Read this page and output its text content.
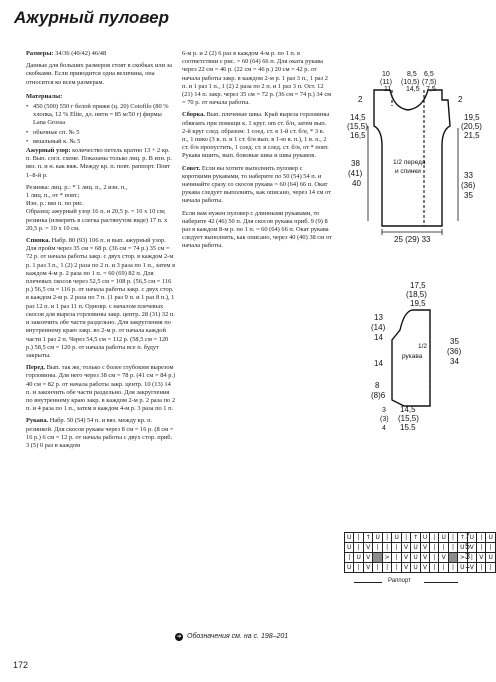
Ажурный пуловер

Размеры: 34/36 (40/42) 46/48

Данные для больших размеров стоят в скобках или за скобками. Если приводится одна величина, она относится ко всем размерам.

Материалы:
• 450 (500) 550 г белой пряжи (ц. 20) Cotofilo (80 % хлопка, 12 % Elite, дл. нити = 85 м/50 г) фирмы Lana Grossa
• обычные сп. № 5
• вязальный к. № 5

Ажурный узор: количество петель кратно 13 + 2 кр. п. Вып. согл. схеме. Показаны только лиц. р. В изн. р. вяз. п. и н. как вяж. Между кр. п. повт. раппорт. Повт 1–8-й р.

Резинка: лиц. р.: * 1 лиц. п., 2 изн. п.,
1 лиц. п., от * повт.;
Изн. р.: вяз п. по рис.

Образец: ажурный узор 16 п. и 20,5 р. = 10 х 10 см; резинка (измерять в слегка растянутом виде) 17 п. х 20,5 р. = 10 х 10 см.

Спинка. Набр. 80 (93) 106 п. и вып. ажурный узор. Для пройм через 35 см = 68 р. (36 см = 74 р.) 35 см = 72 р. от начала работы закр. с двух стор. в каждом 2-м р. 1 раз 3 п., 1 (2) 2 раза по 2 п. и 3 раза по 1 п., затем в каждом 4-м р. 2 раза по 1 п. = 60 (69) 82 п. Для плечевых скосов через 52,5 см = 108 р. (56,5 см = 116 р.) 56,5 см = 116 р. от начала работы закр. с двух стор. в каждом 2-м р. 2 раза по 7 п. (1 раз 9 п. и 1 раз 8 п.), 1 раз 12 п. и 1 раз 11 п. Одновр. с началом плечевых скосов для выреза горловины закр. центр. 28 (31) 32 п. и закончить обе части раздельно. Для закругления по внутреннему краю закр. во 2-м р. от начала каждой части 1 раз 2 п. Через 54,5 см = 112 р. (58,5 см = 120 р.) 58,5 см = 120 р. от начала работы все п. будут закрыты.

Перед. Вып. так же, только с более глубоким вырезом горловины. Для него через 38 см = 78 р. (41 см = 84 р.) 40 см = 82 р. от начала работы закр. центр. 10 (13) 14 п. и закончить обе части раздельно. Для закругления по внутреннему краю закр. в каждом 2-м р. 2 раза по 2 п. и 4 раза по 1 п., затем в каждом 4-м р. 3 раза по 1 п.

Рукава. Набр. 50 (54) 54 п. и вяз. между кр. п. резинкой. Для скосов рукава через 8 см = 16 р. (8 см = 16 р.) 6 см = 12 р. от начала работы с двух стор. приб. 3 (5) 0 раз в каждом

6-м р. и 2 (2) 6 раз в каждом 4-м р. по 1 п. в соответствии с рис. = 60 (64) 66 п. Для оката рукава через 22 см = 46 р. (22 см = 46 р.) 20 см = 42 р. от начала работы закр. в каждом 2-м р. 1 раз 3 п., 1 раз 2 п. и 1 раз 1 п., 1 (2) 2 раза по 2 п. и 1 раз 3 п. Ост. 12 (21) 14 п. закр. через 35 см = 72 р. (36 см = 74 р.) 34 см = 70 р. от начала работы.

Сборка. Вып. плечевые швы. Край выреза горловины обвязать при помощи к. 1 круг. om ст. б/н, затем вып. 2-й круг след. образом: 1 соед. ст. в 1-й ст. б/н, * 3 в. п., 1 пико (3 в. п. и 1 ст. б/н вып. в 1-ю в. п.), 1 в. п., 2 ст. б/н пропустить, 1 соед. ст. в след. ст. б/н, от * повт. Рукава вшить, вып. боковые швы и швы рукавов.

Совет. Если вы хотите выполнить пуловер с короткими рукавами, то наберите по 50 (54) 54 п. и начинайте сразу со скосов рукава = 60 (64) 66 п. Окат рукава следует выполнять, как описано, через 14 см от начала работы.

Если вам нужен пуловер с длинными рукавами, то наберите 42 (46) 50 п. Для скосов рукава приб. 9 (9) 8 раз в каждом 8-м р. по 1 п. = 60 (64) 66 п. Окат рукава следует выполнять, как описано, через 40 (40) 38 см от начала работы.

10 8,5 6,5
(11) (10,5) (7,5)
11 14,5 7,5
2
14,5
(15,5)
16,5
38
(41)
40
2
19,5
(20,5)
21,5
33
(36)
35
1/2 переда
и спинки
25 (29) 33
17,5
(18,5)
19,5
13
(14)
14
14
8
(8)6
1/2
рукава
35
(36)
34
14,5
(15,5)
15,5
3
(3)
4
U	|	↑	U	|	U	|	↑	U	|	U	|	↑	U	|	U
U	|	V	|	|	|	V	U	V	|	|	|	U	V	|	|
|	U	V		>	|	V	U	V	|	V		>	|	V	U
U	|	V	|	|	|	V	U	V	|	|	|	U	V	|	|
7
5
3
1
Раппорт
➜ Обозначения см. на с. 198–201
172
